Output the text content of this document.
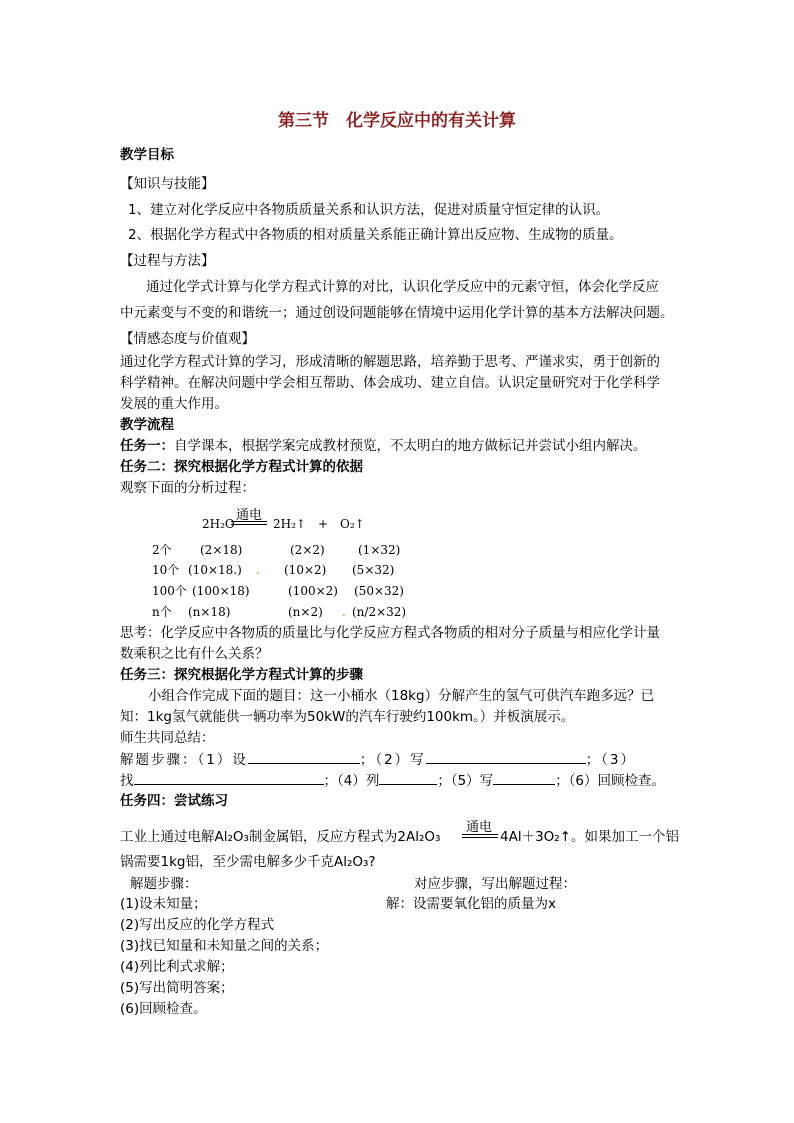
第三节　化学反应中的有关计算
教学目标
【知识与技能】
1、建立对化学反应中各物质质量关系和认识方法，促进对质量守恒定律的认识。
2、根据化学方程式中各物质的相对质量关系能正确计算出反应物、生成物的质量。
【过程与方法】
通过化学式计算与化学方程式计算的对比，认识化学反应中的元素守恒，体会化学反应
中元素变与不变的和谐统一；通过创设问题能够在情境中运用化学计算的基本方法解决问题。
【情感态度与价值观】
通过化学方程式计算的学习，形成清晰的解题思路，培养勤于思考、严谨求实，勇于创新的
科学精神。在解决问题中学会相互帮助、体会成功、建立自信。认识定量研究对于化学科学
发展的重大作用。
教学流程
任务一：自学课本，根据学案完成教材预览，不太明白的地方做标记并尝试小组内解决。
任务二：探究根据化学方程式计算的依据
观察下面的分析过程：
2H₂O
通电
2H₂↑　+　O₂↑
2个 (2×18)	(2×2)	(1×32)
10个 (10×18.) . (10×2) (5×32)
100个 (100×18)	(100×2) (50×32)
n个 (n×18)	(n×2) . (n/2×32)
思考：化学反应中各物质的质量比与化学反应方程式各物质的相对分子质量与相应化学计量
数乘积之比有什么关系？
任务三：探究根据化学方程式计算的步骤
小组合作完成下面的题目：这一小桶水（18kg）分解产生的氢气可供汽车跑多远？已
知：1kg氢气就能供一辆功率为50kW的汽车行驶约100km。）并板演展示。
师生共同总结：
解题步骤：（1）设	；（2）写	；（3）
找	；（4）列	；（5）写	；（6）回顾检查。
任务四：尝试练习
工业上通过电解Al₂O₃制金属铝，反应方程式为2Al₂O₃
通电
4Al＋3O₂↑。如果加工一个铝
锅需要1kg铝，至少需电解多少千克Al₂O₃?
解题步骤：	对应步骤，写出解题过程：
(1)设未知量；	解：设需要氧化铝的质量为x
(2)写出反应的化学方程式
(3)找已知量和未知量之间的关系；
(4)列比利式求解；
(5)写出简明答案；
(6)回顾检查。
